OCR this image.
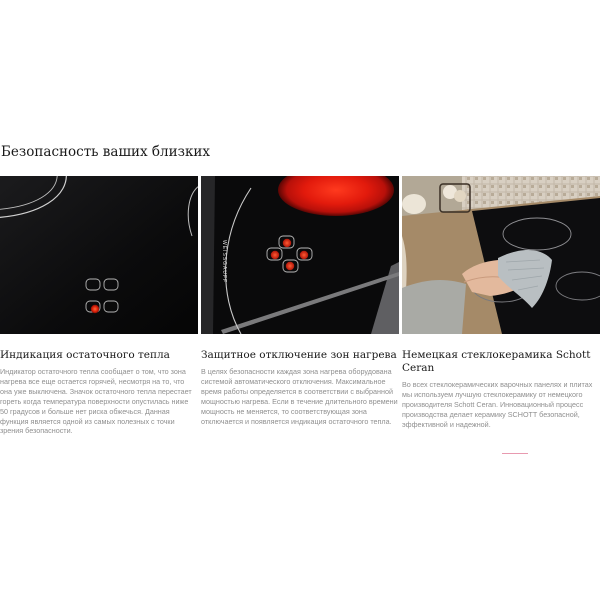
Безопасность ваших близких
Индикация остаточного тепла

Индикатор остаточного тепла сообщает о том, что зона нагрева все еще остается горячей, несмотря на то, что она уже выключена. Значок остаточного тепла перестает гореть когда температура поверхности опустилась ниже 50 градусов и больше нет риска обжечься. Данная функция является одной из самых полезных с точки зрения безопасности.

WEISSGAUFF
Защитное отключение зон нагрева

В целях безопасности каждая зона нагрева оборудована системой автоматического отключения. Максимальное время работы определяется в соответствии с выбранной мощностью нагрева. Если в течение длительного времени мощность не меняется, то соответствующая зона отключается и появляется индикация остаточного тепла.

Немецкая стеклокерамика Schott Ceran

Во всех стеклокерамических варочных панелях и плитах мы используем лучшую стеклокерамику от немецкого производителя Schott Ceran. Инновационный процесс производства делает керамику SCHOTT безопасной, эффективной и надежной.
